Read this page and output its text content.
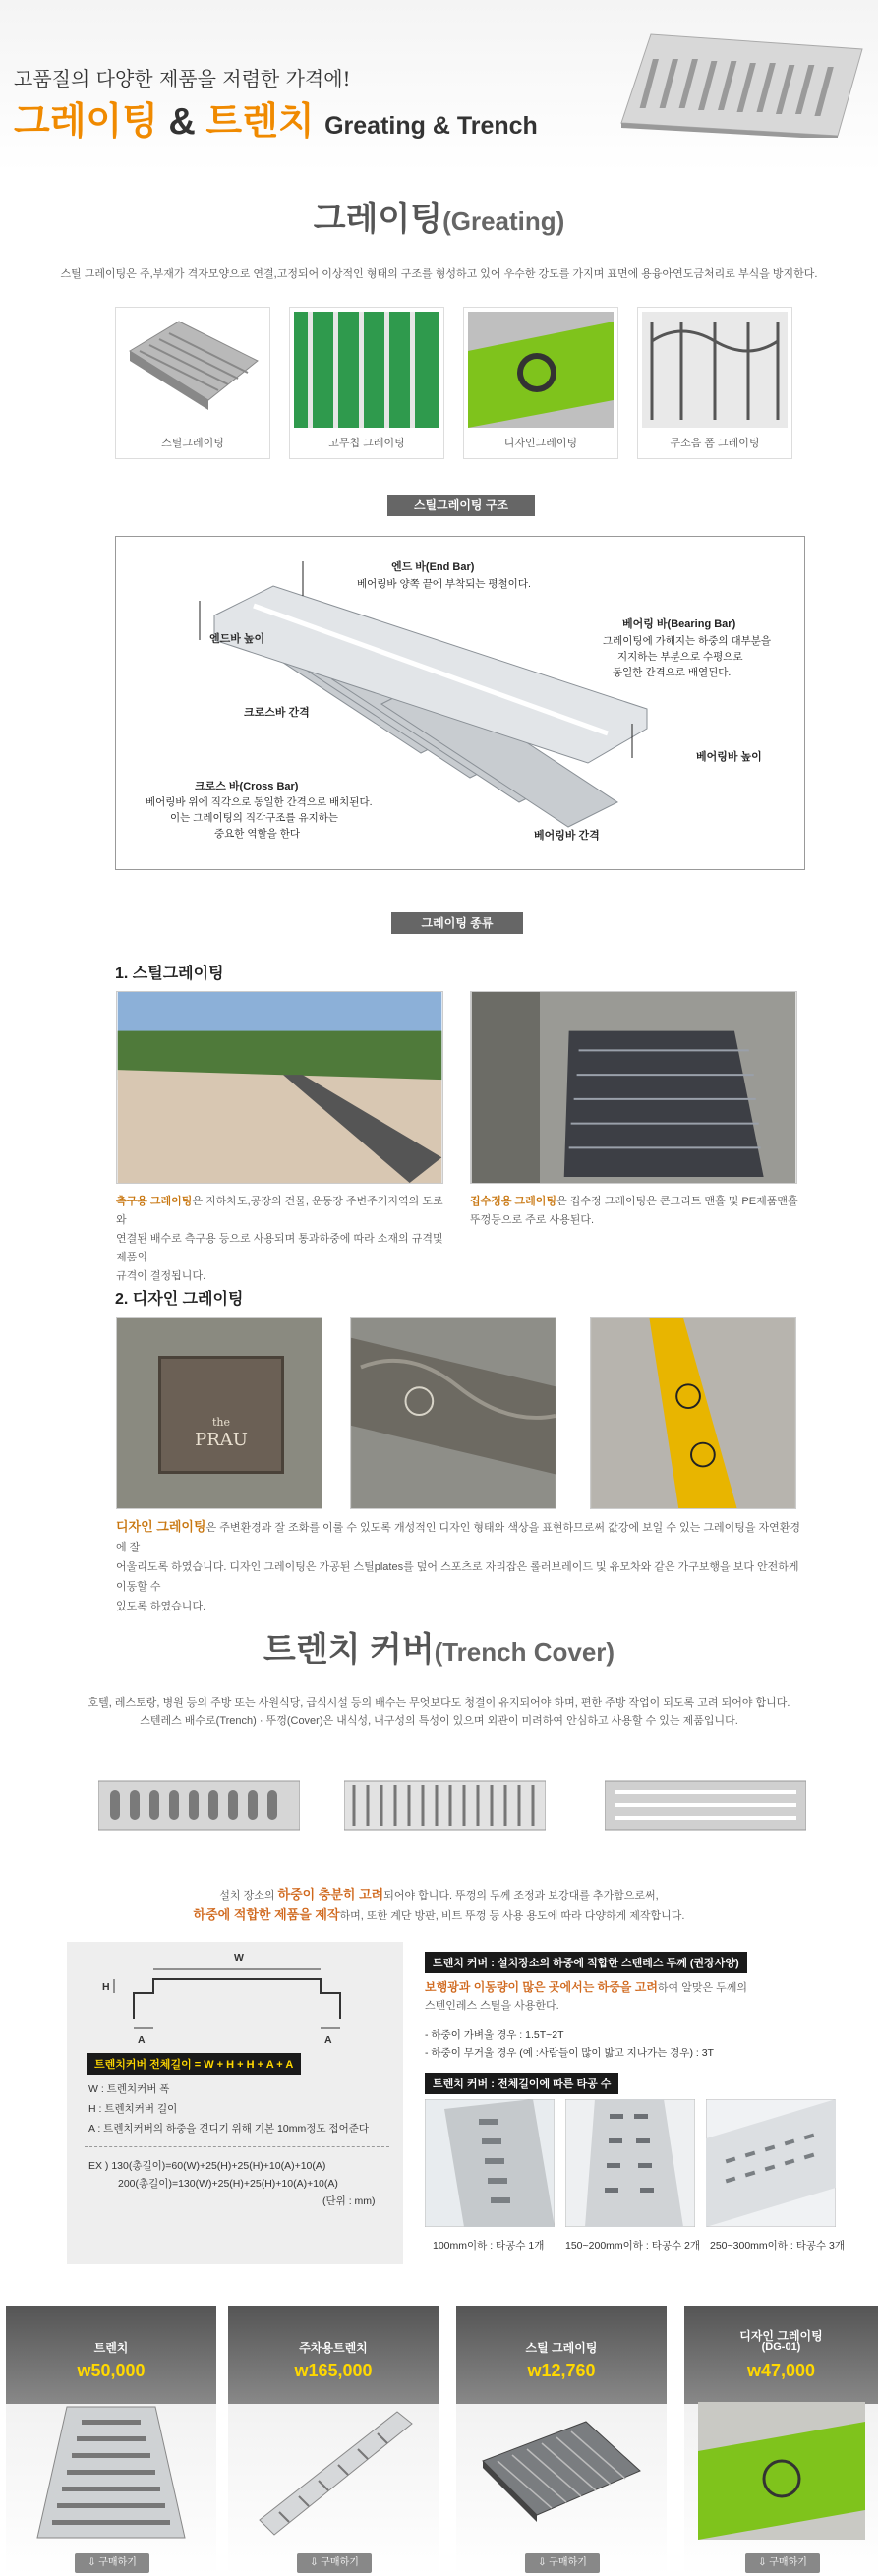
고품질의 다양한 제품을 저렴한 가격에!
그레이팅 & 트렌치 Greating & Trench
그레이팅(Greating)
스틸 그레이팅은 주,부재가 격자모양으로 연결,고정되어 이상적인 형태의 구조를 형성하고 있어 우수한 강도를 가지며 표면에 용융아연도금처리로 부식을 방지한다.
스틸그레이팅	고무칩 그레이팅	디자인그레이팅	무소음 폼 그레이팅
스틸그레이팅 구조
엔드 바(End Bar)
베어링바 양쪽 끝에 부착되는 평철이다.
엔드바 높이
베어링 바(Bearing Bar)
그레이팅에 가해지는 하중의 대부분을
지지하는 부분으로 수평으로
동일한 간격으로 배열된다.
크로스바 간격
베어링바 높이
크로스 바(Cross Bar)
베어링바 위에 직각으로 동일한 간격으로 배치된다.
이는 그레이팅의 직각구조를 유지하는
중요한 역할을 한다	베어링바 간격
그레이팅 종류
1. 스틸그레이팅
측구용 그레이팅은 지하차도,공장의 건물, 운동장 주변주거지역의 도로와
연결된 배수로 측구용 등으로 사용되며 통과하중에 따라 소재의 규격및 제품의
규격이 결정됩니다.
집수정용 그레이팅은 집수정 그레이팅은 콘크리트 맨홀 및 PE제품맨홀
뚜껑등으로 주로 사용된다.
2. 디자인 그레이팅
the
PRAU
디자인 그레이팅은 주변환경과 잘 조화를 이룰 수 있도록 개성적인 디자인 형태와 색상을 표현하므로써 값강에 보일 수 있는 그레이팅을 자연환경에 잘
어울리도록 하였습니다. 디자인 그레이팅은 가공된 스틸plates를 덮어 스포츠로 자리잡은 롤러브레이드 및 유모차와 같은 가구보행을 보다 안전하게 이동할 수
있도록 하였습니다.
트렌치 커버(Trench Cover)
호텔, 레스토랑, 병원 등의 주방 또는 사원식당, 급식시설 등의 배수는 무엇보다도 청결이 유지되어야 하며, 편한 주방 작업이 되도록 고려 되어야 합니다.
스텐레스 배수로(Trench) · 뚜껑(Cover)은 내식성, 내구성의 특성이 있으며 외관이 미려하여 안심하고 사용할 수 있는 제품입니다.
설치 장소의 하중이 충분히 고려되어야 합니다. 뚜껑의 두께 조정과 보강대를 추가함으로써,
하중에 적합한 제품을 제작하며, 또한 계단 방판, 비트 뚜껑 등 사용 용도에 따라 다양하게 제작합니다.
W
H
A	A
트렌치커버 전체길이 = W + H + H + A + A
W : 트렌치커버 폭
H : 트렌치커버 길이
A : 트렌치커버의 하중을 견디기 위해 기본 10mm정도 접어준다
EX ) 130(총길이)=60(W)+25(H)+25(H)+10(A)+10(A)
200(총길이)=130(W)+25(H)+25(H)+10(A)+10(A)
(단위 : mm)
트렌치 커버 : 설치장소의 하중에 적합한 스텐레스 두께 (권장사양)
보행광과 이동량이 많은 곳에서는 하중을 고려하여 알맞은 두께의
스텐인레스 스틸을 사용한다.
- 하중이 가벼울 경우 : 1.5T~2T
- 하중이 무거울 경우 (예 :사람들이 많이 밟고 지나가는 경우) : 3T
트렌치 커버 : 전체길이에 따른 타공 수
100mm이하 : 타공수 1개 150~200mm이하 : 타공수 2개 250~300mm이하 : 타공수 3개
트렌치
w50,000
⇩ 구매하기
주차용트렌치
w165,000
⇩ 구매하기
스틸 그레이팅
w12,760
⇩ 구매하기
디자인 그레이팅
(DG-01)
w47,000
⇩ 구매하기
